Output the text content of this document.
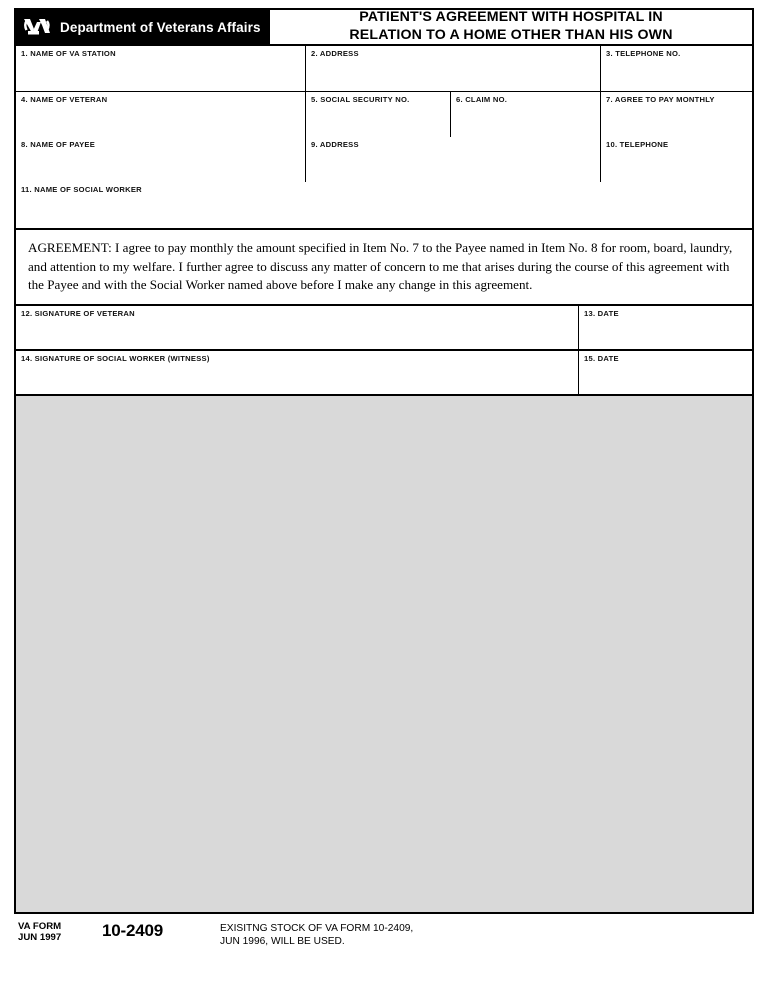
Department of Veterans Affairs
PATIENT'S AGREEMENT WITH HOSPITAL IN
RELATION TO A HOME OTHER THAN HIS OWN
1. NAME OF VA STATION	2. ADDRESS	3. TELEPHONE NO.
4. NAME OF VETERAN	5. SOCIAL SECURITY NO.	6. CLAIM NO.	7. AGREE TO PAY MONTHLY
8. NAME OF PAYEE	9. ADDRESS	10. TELEPHONE
11. NAME OF SOCIAL WORKER

AGREEMENT: I agree to pay monthly the amount specified in Item No. 7 to the Payee named in Item No. 8 for room, board, laundry, and attention to my welfare. I further agree to discuss any matter of concern to me that arises during the course of this agreement with the Payee and with the Social Worker named above before I make any change in this agreement.

12. SIGNATURE OF VETERAN	13. DATE
14. SIGNATURE OF SOCIAL WORKER (WITNESS)	15. DATE
VA FORM
JUN 1997	10-2409	EXISITNG STOCK OF VA FORM 10-2409,
JUN 1996, WILL BE USED.
